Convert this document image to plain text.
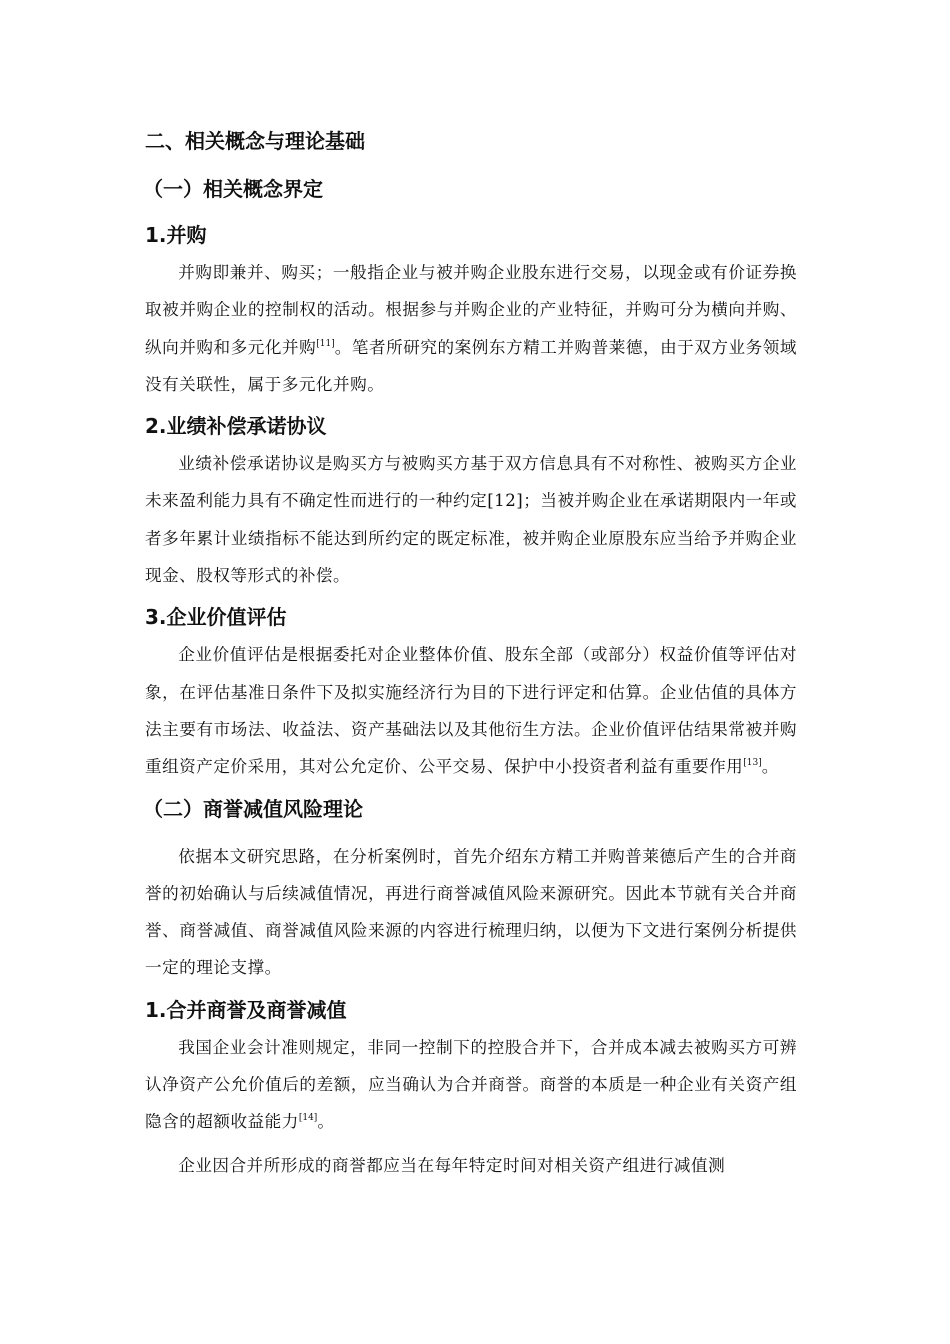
二、相关概念与理论基础
（一）相关概念界定
1.并购

并购即兼并、购买；一般指企业与被并购企业股东进行交易，以现金或有价证券换取被并购企业的控制权的活动。根据参与并购企业的产业特征，并购可分为横向并购、纵向并购和多元化并购[11]。笔者所研究的案例东方精工并购普莱德，由于双方业务领域没有关联性，属于多元化并购。

2.业绩补偿承诺协议

业绩补偿承诺协议是购买方与被购买方基于双方信息具有不对称性、被购买方企业未来盈利能力具有不确定性而进行的一种约定[12]；当被并购企业在承诺期限内一年或者多年累计业绩指标不能达到所约定的既定标准，被并购企业原股东应当给予并购企业现金、股权等形式的补偿。

3.企业价值评估

企业价值评估是根据委托对企业整体价值、股东全部（或部分）权益价值等评估对象，在评估基准日条件下及拟实施经济行为目的下进行评定和估算。企业估值的具体方法主要有市场法、收益法、资产基础法以及其他衍生方法。企业价值评估结果常被并购重组资产定价采用，其对公允定价、公平交易、保护中小投资者利益有重要作用[13]。

（二）商誉减值风险理论

依据本文研究思路，在分析案例时，首先介绍东方精工并购普莱德后产生的合并商誉的初始确认与后续减值情况，再进行商誉减值风险来源研究。因此本节就有关合并商誉、商誉减值、商誉减值风险来源的内容进行梳理归纳，以便为下文进行案例分析提供一定的理论支撑。

1.合并商誉及商誉减值

我国企业会计准则规定，非同一控制下的控股合并下，合并成本减去被购买方可辨认净资产公允价值后的差额，应当确认为合并商誉。商誉的本质是一种企业有关资产组隐含的超额收益能力[14]。

企业因合并所形成的商誉都应当在每年特定时间对相关资产组进行减值测
